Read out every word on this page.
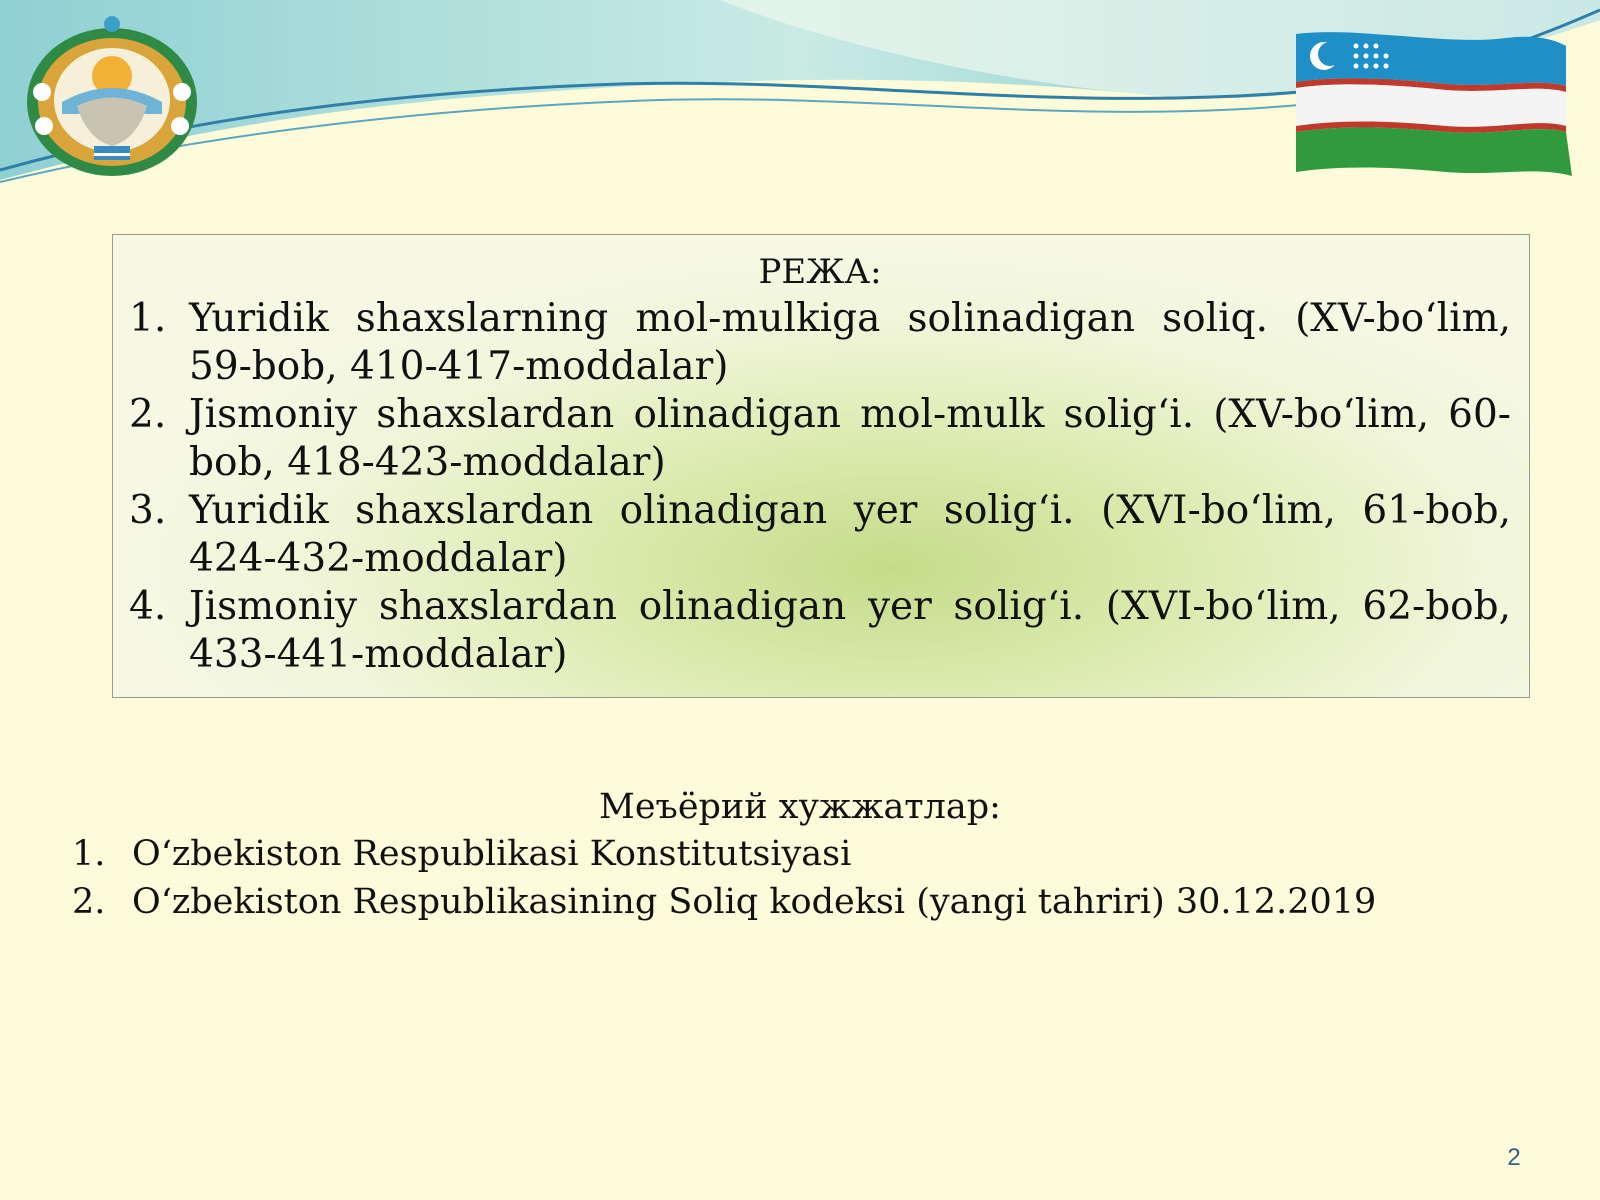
РЕЖА:
1. Yuridik shaxslarning mol-mulkiga solinadigan soliq. (XV-bo‘lim, 59-bob, 410-417-moddalar)
2. Jismoniy shaxslardan olinadigan mol-mulk solig‘i. (XV-bo‘lim, 60-bob, 418-423-moddalar)
3. Yuridik shaxslardan olinadigan yer solig‘i. (XVI-bo‘lim, 61-bob, 424-432-moddalar)
4. Jismoniy shaxslardan olinadigan yer solig‘i. (XVI-bo‘lim, 62-bob, 433-441-moddalar)
Меъёрий хужжатлар:
1. O‘zbekiston Respublikasi Konstitutsiyasi
2. O‘zbekiston Respublikasining Soliq kodeksi (yangi tahriri) 30.12.2019
2
